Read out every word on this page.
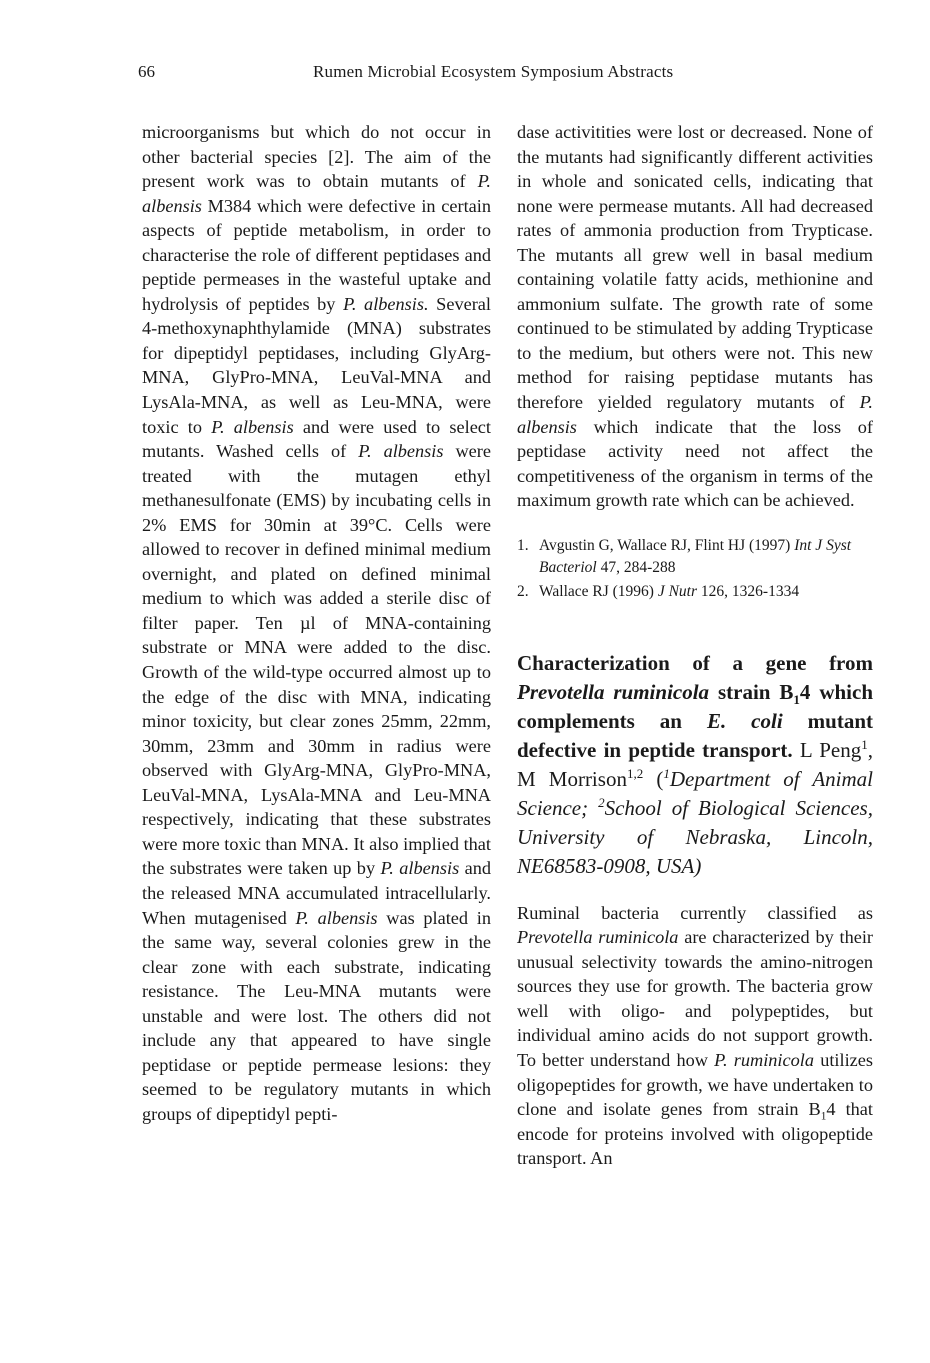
66	Rumen Microbial Ecosystem Symposium Abstracts

microorganisms but which do not occur in other bacterial species [2]. The aim of the present work was to obtain mutants of P. albensis M384 which were defective in certain aspects of peptide metabolism, in order to characterise the role of different peptidases and peptide permeases in the wasteful uptake and hydrolysis of peptides by P. albensis. Several 4-methoxynaphthylamide (MNA) substrates for dipeptidyl peptidases, including GlyArg-MNA, GlyPro-MNA, LeuVal-MNA and LysAla-MNA, as well as Leu-MNA, were toxic to P. albensis and were used to select mutants. Washed cells of P. albensis were treated with the mutagen ethyl methanesulfonate (EMS) by incubating cells in 2% EMS for 30min at 39°C. Cells were allowed to recover in defined minimal medium overnight, and plated on defined minimal medium to which was added a sterile disc of filter paper. Ten µl of MNA-containing substrate or MNA were added to the disc. Growth of the wild-type occurred almost up to the edge of the disc with MNA, indicating minor toxicity, but clear zones 25mm, 22mm, 30mm, 23mm and 30mm in radius were observed with GlyArg-MNA, GlyPro-MNA, LeuVal-MNA, LysAla-MNA and Leu-MNA respectively, indicating that these substrates were more toxic than MNA. It also implied that the substrates were taken up by P. albensis and the released MNA accumulated intracellularly. When mutagenised P. albensis was plated in the same way, several colonies grew in the clear zone with each substrate, indicating resistance. The Leu-MNA mutants were unstable and were lost. The others did not include any that appeared to have single peptidase or peptide permease lesions: they seemed to be regulatory mutants in which groups of dipeptidyl pepti-

dase activitities were lost or decreased. None of the mutants had significantly different activities in whole and sonicated cells, indicating that none were permease mutants. All had decreased rates of ammonia production from Trypticase. The mutants all grew well in basal medium containing volatile fatty acids, methionine and ammonium sulfate. The growth rate of some continued to be stimulated by adding Trypticase to the medium, but others were not. This new method for raising peptidase mutants has therefore yielded regulatory mutants of P. albensis which indicate that the loss of peptidase activity need not affect the competitiveness of the organism in terms of the maximum growth rate which can be achieved.

1. Avgustin G, Wallace RJ, Flint HJ (1997) Int J Syst Bacteriol 47, 284-288
2. Wallace RJ (1996) J Nutr 126, 1326-1334

Characterization of a gene from Prevotella ruminicola strain $B_14$ which complements an E. coli mutant defective in peptide transport. L Peng$^1$, M Morrison$^{1,2}$ ($^1$Department of Animal Science; $^2$School of Biological Sciences, University of Nebraska, Lincoln, NE68583-0908, USA)

Ruminal bacteria currently classified as Prevotella ruminicola are characterized by their unusual selectivity towards the amino-nitrogen sources they use for growth. The bacteria grow well with oligo- and polypeptides, but individual amino acids do not support growth. To better understand how P. ruminicola utilizes oligopeptides for growth, we have undertaken to clone and isolate genes from strain $B_14$ that encode for proteins involved with oligopeptide transport. An
